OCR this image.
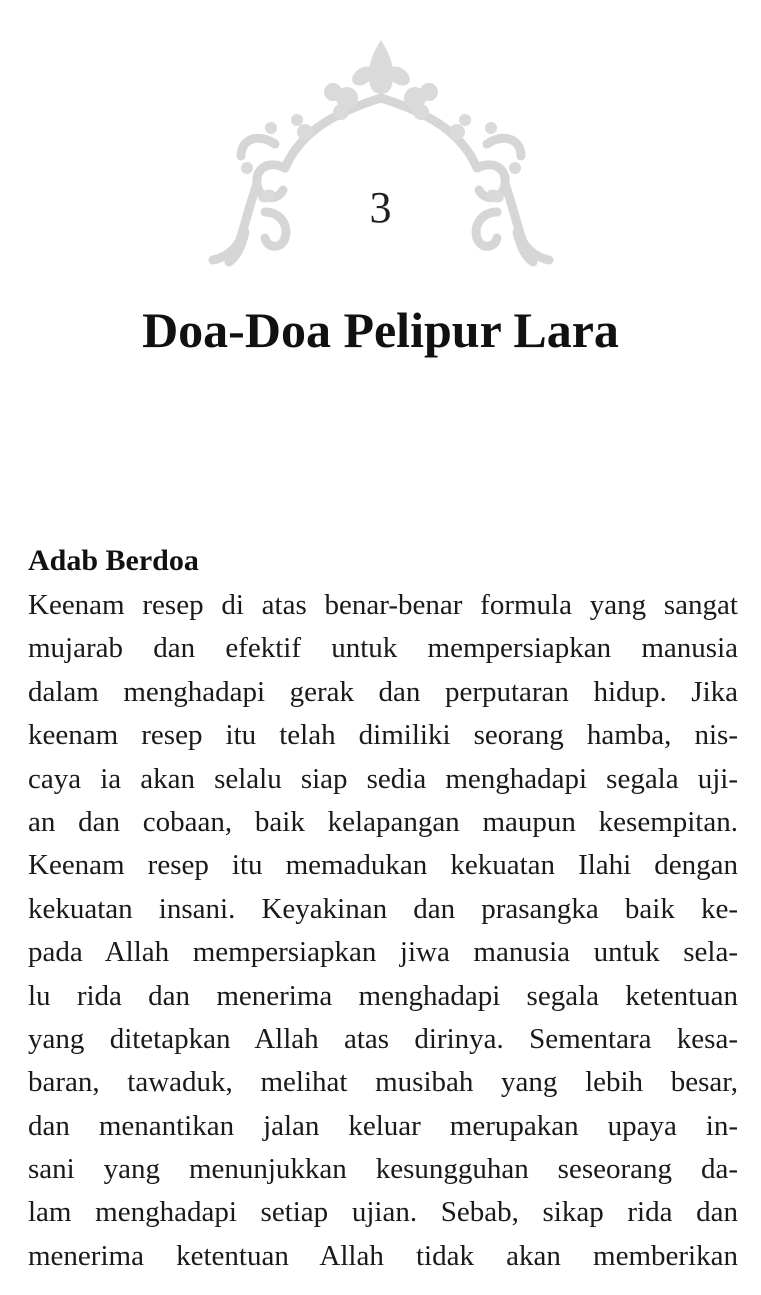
3
Doa-Doa Pelipur Lara
Adab Berdoa
Keenam resep di atas benar-benar formula yang sangat
mujarab dan efektif untuk mempersiapkan manusia
dalam menghadapi gerak dan perputaran hidup. Jika
keenam resep itu telah dimiliki seorang hamba, nis-
caya ia akan selalu siap sedia menghadapi segala uji-
an dan cobaan, baik kelapangan maupun kesempitan.
Keenam resep itu memadukan kekuatan Ilahi dengan
kekuatan insani. Keyakinan dan prasangka baik ke-
pada Allah mempersiapkan jiwa manusia untuk sela-
lu rida dan menerima menghadapi segala ketentuan
yang ditetapkan Allah atas dirinya. Sementara kesa-
baran, tawaduk, melihat musibah yang lebih besar,
dan menantikan jalan keluar merupakan upaya in-
sani yang menunjukkan kesungguhan seseorang da-
lam menghadapi setiap ujian. Sebab, sikap rida dan
menerima ketentuan Allah tidak akan memberikan
